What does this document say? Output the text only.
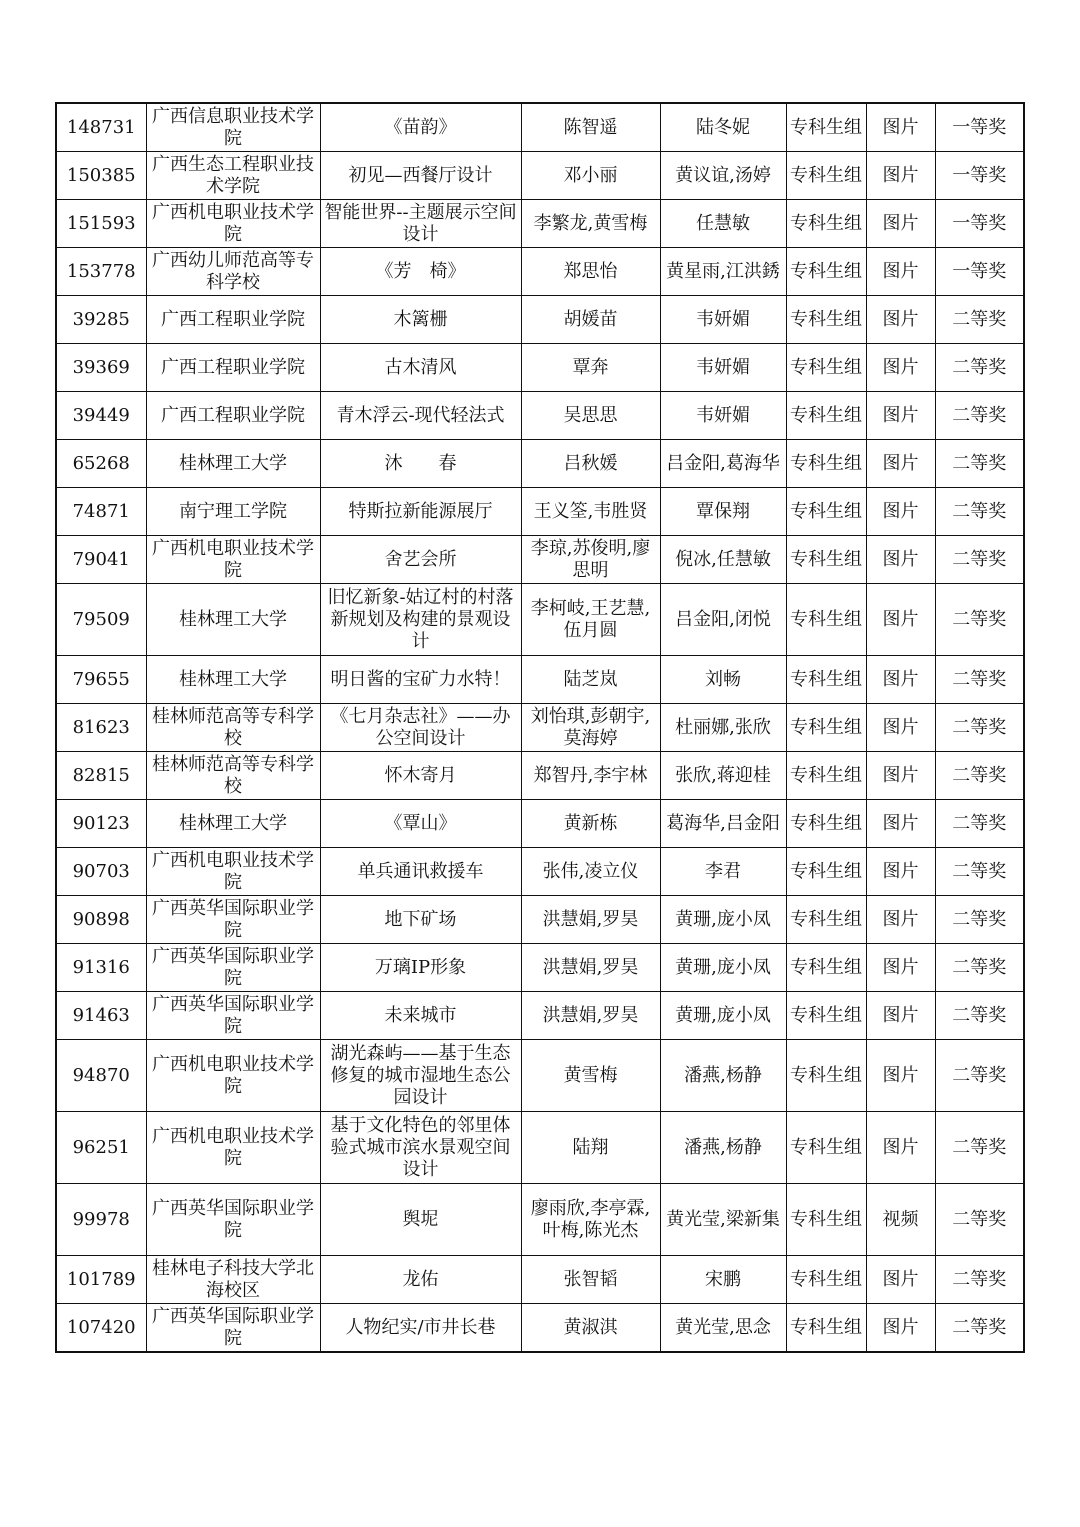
148731	广西信息职业技术学院	《苗韵》	陈智遥	陆冬妮	专科生组	图片	一等奖
150385	广西生态工程职业技术学院	初见—西餐厅设计	邓小丽	黄议谊,汤婷	专科生组	图片	一等奖
151593	广西机电职业技术学院	智能世界--主题展示空间设计	李繁龙,黄雪梅	任慧敏	专科生组	图片	一等奖
153778	广西幼儿师范高等专科学校	《芳　椅》	郑思怡	黄星雨,江洪銹	专科生组	图片	一等奖
39285	广西工程职业学院	木篱栅	胡媛苗	韦妍媚	专科生组	图片	二等奖
39369	广西工程职业学院	古木清风	覃奔	韦妍媚	专科生组	图片	二等奖
39449	广西工程职业学院	青木浮云-现代轻法式	吴思思	韦妍媚	专科生组	图片	二等奖
65268	桂林理工大学	沐　　春	吕秋媛	吕金阳,葛海华	专科生组	图片	二等奖
74871	南宁理工学院	特斯拉新能源展厅	王义筌,韦胜贤	覃保翔	专科生组	图片	二等奖
79041	广西机电职业技术学院	舍艺会所	李琼,苏俊明,廖思明	倪冰,任慧敏	专科生组	图片	二等奖
79509	桂林理工大学	旧忆新象-姑辽村的村落新规划及构建的景观设计	李柯岐,王艺慧,伍月圆	吕金阳,闭悦	专科生组	图片	二等奖
79655	桂林理工大学	明日酱的宝矿力水特！	陆芝岚	刘畅	专科生组	图片	二等奖
81623	桂林师范高等专科学校	《七月杂志社》——办公空间设计	刘怡琪,彭朝宇,莫海婷	杜丽娜,张欣	专科生组	图片	二等奖
82815	桂林师范高等专科学校	怀木寄月	郑智丹,李宇林	张欣,蒋迎桂	专科生组	图片	二等奖
90123	桂林理工大学	《覃山》	黄新栋	葛海华,吕金阳	专科生组	图片	二等奖
90703	广西机电职业技术学院	单兵通讯救援车	张伟,凌立仪	李君	专科生组	图片	二等奖
90898	广西英华国际职业学院	地下矿场	洪慧娟,罗昊	黄珊,庞小凤	专科生组	图片	二等奖
91316	广西英华国际职业学院	万璃IP形象	洪慧娟,罗昊	黄珊,庞小凤	专科生组	图片	二等奖
91463	广西英华国际职业学院	未来城市	洪慧娟,罗昊	黄珊,庞小凤	专科生组	图片	二等奖
94870	广西机电职业技术学院	湖光森屿——基于生态修复的城市湿地生态公园设计	黄雪梅	潘燕,杨静	专科生组	图片	二等奖
96251	广西机电职业技术学院	基于文化特色的邻里体验式城市滨水景观空间设计	陆翔	潘燕,杨静	专科生组	图片	二等奖
99978	广西英华国际职业学院	舆坭	廖雨欣,李亭霖,叶梅,陈光杰	黄光莹,梁新集	专科生组	视频	二等奖
101789	桂林电子科技大学北海校区	龙佑	张智韬	宋鹏	专科生组	图片	二等奖
107420	广西英华国际职业学院	人物纪实/市井长巷	黄淑淇	黄光莹,思念	专科生组	图片	二等奖
